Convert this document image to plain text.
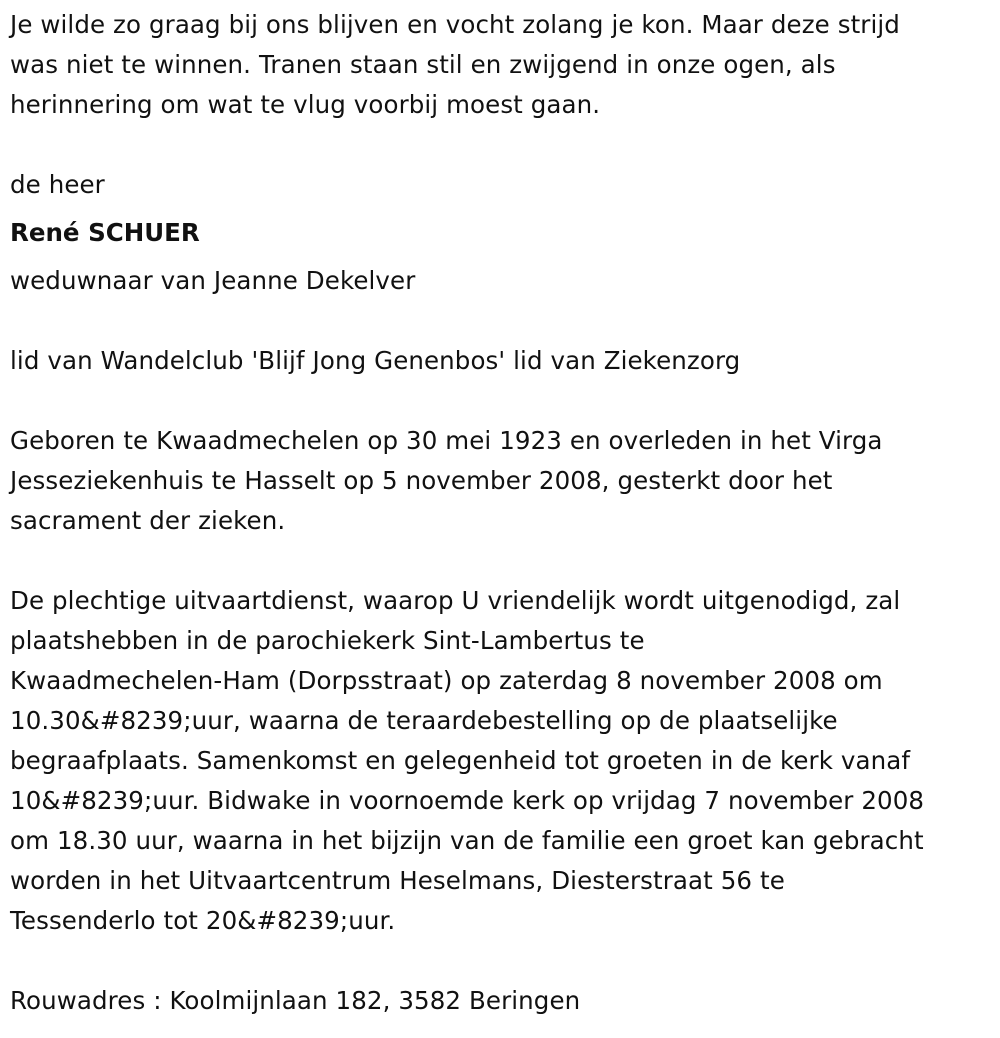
Je wilde zo graag bij ons blijven en vocht zolang je kon. Maar deze strijd
was niet te winnen. Tranen staan stil en zwijgend in onze ogen, als
herinnering om wat te vlug voorbij moest gaan.

de heer

René SCHUER

weduwnaar van Jeanne Dekelver

lid van Wandelclub 'Blijf Jong Genenbos' lid van Ziekenzorg

Geboren te Kwaadmechelen op 30 mei 1923 en overleden in het Virga
Jesseziekenhuis te Hasselt op 5 november 2008, gesterkt door het
sacrament der zieken.

De plechtige uitvaartdienst, waarop U vriendelijk wordt uitgenodigd, zal
plaatshebben in de parochiekerk Sint-Lambertus te
Kwaadmechelen-Ham (Dorpsstraat) op zaterdag 8 november 2008 om
10.30&#8239;uur, waarna de teraardebestelling op de plaatselijke
begraafplaats. Samenkomst en gelegenheid tot groeten in de kerk vanaf
10&#8239;uur. Bidwake in voornoemde kerk op vrijdag 7 november 2008
om 18.30 uur, waarna in het bijzijn van de familie een groet kan gebracht
worden in het Uitvaartcentrum Heselmans, Diesterstraat 56 te
Tessenderlo tot 20&#8239;uur.

Rouwadres : Koolmijnlaan 182, 3582 Beringen
